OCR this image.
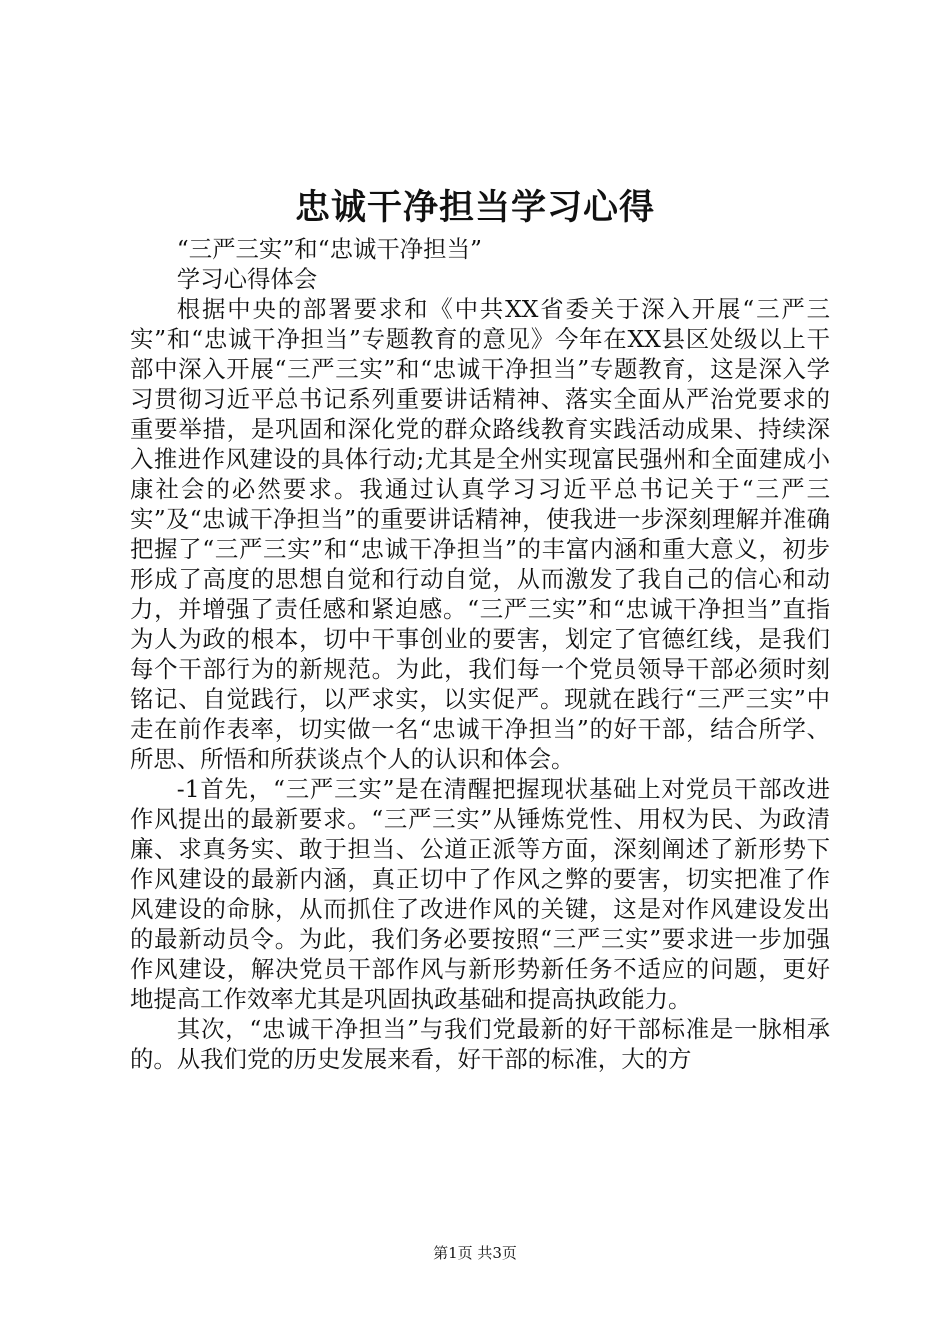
忠诚干净担当学习心得

“三严三实”和“忠诚干净担当”

学习心得体会

根据中央的部署要求和《中共XX省委关于深入开展“三严三实”和“忠诚干净担当”专题教育的意见》今年在XX县区处级以上干部中深入开展“三严三实”和“忠诚干净担当”专题教育，这是深入学习贯彻习近平总书记系列重要讲话精神、落实全面从严治党要求的重要举措，是巩固和深化党的群众路线教育实践活动成果、持续深入推进作风建设的具体行动;尤其是全州实现富民强州和全面建成小康社会的必然要求。我通过认真学习习近平总书记关于“三严三实”及“忠诚干净担当”的重要讲话精神，使我进一步深刻理解并准确把握了“三严三实”和“忠诚干净担当”的丰富内涵和重大意义，初步形成了高度的思想自觉和行动自觉，从而激发了我自己的信心和动力，并增强了责任感和紧迫感。“三严三实”和“忠诚干净担当”直指为人为政的根本，切中干事创业的要害，划定了官德红线，是我们每个干部行为的新规范。为此，我们每一个党员领导干部必须时刻铭记、自觉践行，以严求实，以实促严。现就在践行“三严三实”中走在前作表率，切实做一名“忠诚干净担当”的好干部，结合所学、所思、所悟和所获谈点个人的认识和体会。

-1首先，“三严三实”是在清醒把握现状基础上对党员干部改进作风提出的最新要求。“三严三实”从锤炼党性、用权为民、为政清廉、求真务实、敢于担当、公道正派等方面，深刻阐述了新形势下作风建设的最新内涵，真正切中了作风之弊的要害，切实把准了作风建设的命脉，从而抓住了改进作风的关键，这是对作风建设发出的最新动员令。为此，我们务必要按照“三严三实”要求进一步加强作风建设，解决党员干部作风与新形势新任务不适应的问题，更好地提高工作效率尤其是巩固执政基础和提高执政能力。

其次，“忠诚干净担当”与我们党最新的好干部标准是一脉相承的。从我们党的历史发展来看，好干部的标准，大的方

第1页 共3页
